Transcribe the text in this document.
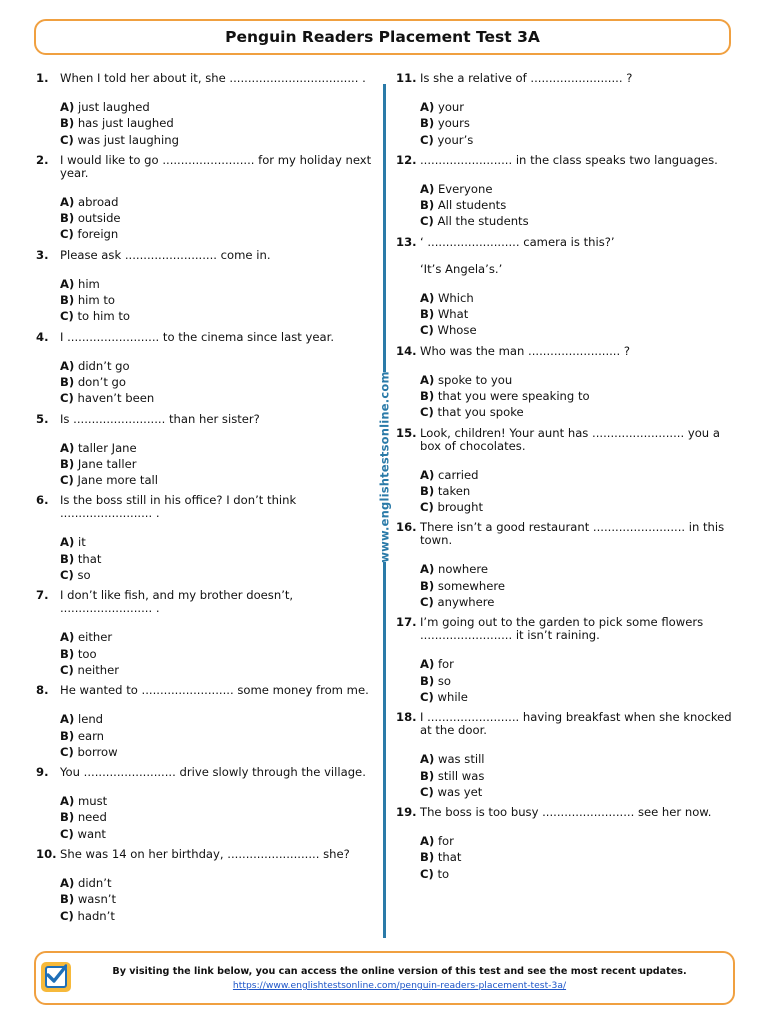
Penguin Readers Placement Test 3A
1. When I told her about it, she ................................... .
A) just laughed
B) has just laughed
C) was just laughing
2. I would like to go ......................... for my holiday next year.
A) abroad
B) outside
C) foreign
3. Please ask ......................... come in.
A) him
B) him to
C) to him to
4. I ......................... to the cinema since last year.
A) didn’t go
B) don’t go
C) haven’t been
5. Is ......................... than her sister?
A) taller Jane
B) Jane taller
C) Jane more tall
6. Is the boss still in his office? I don’t think ......................... .
A) it
B) that
C) so
7. I don’t like fish, and my brother doesn’t, ......................... .
A) either
B) too
C) neither
8. He wanted to ......................... some money from me.
A) lend
B) earn
C) borrow
9. You ......................... drive slowly through the village.
A) must
B) need
C) want
10. She was 14 on her birthday, ......................... she?
A) didn’t
B) wasn’t
C) hadn’t
www.englishtestsonline.com
11. Is she a relative of ......................... ?
A) your
B) yours
C) your’s
12. ......................... in the class speaks two languages.
A) Everyone
B) All students
C) All the students
13. ‘ ......................... camera is this?’
‘It’s Angela’s.’
A) Which
B) What
C) Whose
14. Who was the man ......................... ?
A) spoke to you
B) that you were speaking to
C) that you spoke
15. Look, children! Your aunt has ......................... you a box of chocolates.
A) carried
B) taken
C) brought
16. There isn’t a good restaurant ......................... in this town.
A) nowhere
B) somewhere
C) anywhere
17. I’m going out to the garden to pick some flowers ......................... it isn’t raining.
A) for
B) so
C) while
18. I ......................... having breakfast when she knocked at the door.
A) was still
B) still was
C) was yet
19. The boss is too busy ......................... see her now.
A) for
B) that
C) to
By visiting the link below, you can access the online version of this test and see the most recent updates.
https://www.englishtestsonline.com/penguin-readers-placement-test-3a/
